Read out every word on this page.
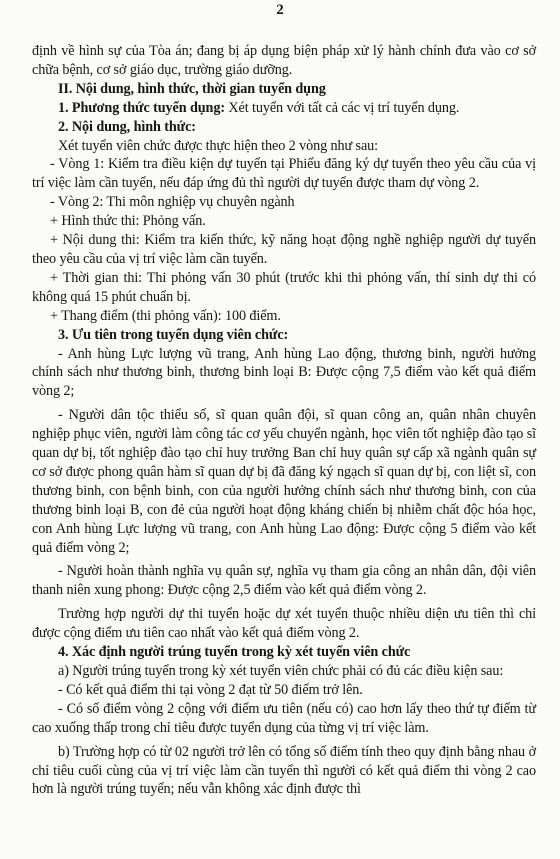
2

định về hình sự của Tòa án; đang bị áp dụng biện pháp xử lý hành chính đưa vào cơ sở chữa bệnh, cơ sở giáo dục, trường giáo dưỡng.

II. Nội dung, hình thức, thời gian tuyển dụng

1. Phương thức tuyển dụng: Xét tuyển với tất cả các vị trí tuyển dụng.

2. Nội dung, hình thức:

Xét tuyển viên chức được thực hiện theo 2 vòng như sau:

- Vòng 1: Kiểm tra điều kiện dự tuyển tại Phiếu đăng ký dự tuyển theo yêu cầu của vị trí việc làm cần tuyển, nếu đáp ứng đủ thì người dự tuyển được tham dự vòng 2.

- Vòng 2: Thi môn nghiệp vụ chuyên ngành

+ Hình thức thi: Phỏng vấn.

+ Nội dung thi: Kiểm tra kiến thức, kỹ năng hoạt động nghề nghiệp người dự tuyển theo yêu cầu của vị trí việc làm cần tuyển.

+ Thời gian thi: Thi phỏng vấn 30 phút (trước khi thi phỏng vấn, thí sinh dự thi có không quá 15 phút chuẩn bị.

+ Thang điểm (thi phỏng vấn): 100 điểm.

3. Ưu tiên trong tuyển dụng viên chức:

- Anh hùng Lực lượng vũ trang, Anh hùng Lao động, thương binh, người hưởng chính sách như thương binh, thương binh loại B: Được cộng 7,5 điểm vào kết quả điểm vòng 2;

- Người dân tộc thiểu số, sĩ quan quân đội, sĩ quan công an, quân nhân chuyên nghiệp phục viên, người làm công tác cơ yếu chuyển ngành, học viên tốt nghiệp đào tạo sĩ quan dự bị, tốt nghiệp đào tạo chỉ huy trưởng Ban chỉ huy quân sự cấp xã ngành quân sự cơ sở được phong quân hàm sĩ quan dự bị đã đăng ký ngạch sĩ quan dự bị, con liệt sĩ, con thương binh, con bệnh binh, con của người hưởng chính sách như thương binh, con của thương binh loại B, con đẻ của người hoạt động kháng chiến bị nhiễm chất độc hóa học, con Anh hùng Lực lượng vũ trang, con Anh hùng Lao động: Được cộng 5 điểm vào kết quả điểm vòng 2;

- Người hoàn thành nghĩa vụ quân sự, nghĩa vụ tham gia công an nhân dân, đội viên thanh niên xung phong: Được cộng 2,5 điểm vào kết quả điểm vòng 2.

Trường hợp người dự thi tuyển hoặc dự xét tuyển thuộc nhiều diện ưu tiên thì chỉ được cộng điểm ưu tiên cao nhất vào kết quả điểm vòng 2.

4. Xác định người trúng tuyển trong kỳ xét tuyển viên chức

a) Người trúng tuyển trong kỳ xét tuyển viên chức phải có đủ các điều kiện sau:

- Có kết quả điểm thi tại vòng 2 đạt từ 50 điểm trở lên.

- Có số điểm vòng 2 cộng với điểm ưu tiên (nếu có) cao hơn lấy theo thứ tự điểm từ cao xuống thấp trong chỉ tiêu được tuyển dụng của từng vị trí việc làm.

b) Trường hợp có từ 02 người trở lên có tổng số điểm tính theo quy định bằng nhau ở chỉ tiêu cuối cùng của vị trí việc làm cần tuyển thì người có kết quả điểm thi vòng 2 cao hơn là người trúng tuyển; nếu vẫn không xác định được thì
